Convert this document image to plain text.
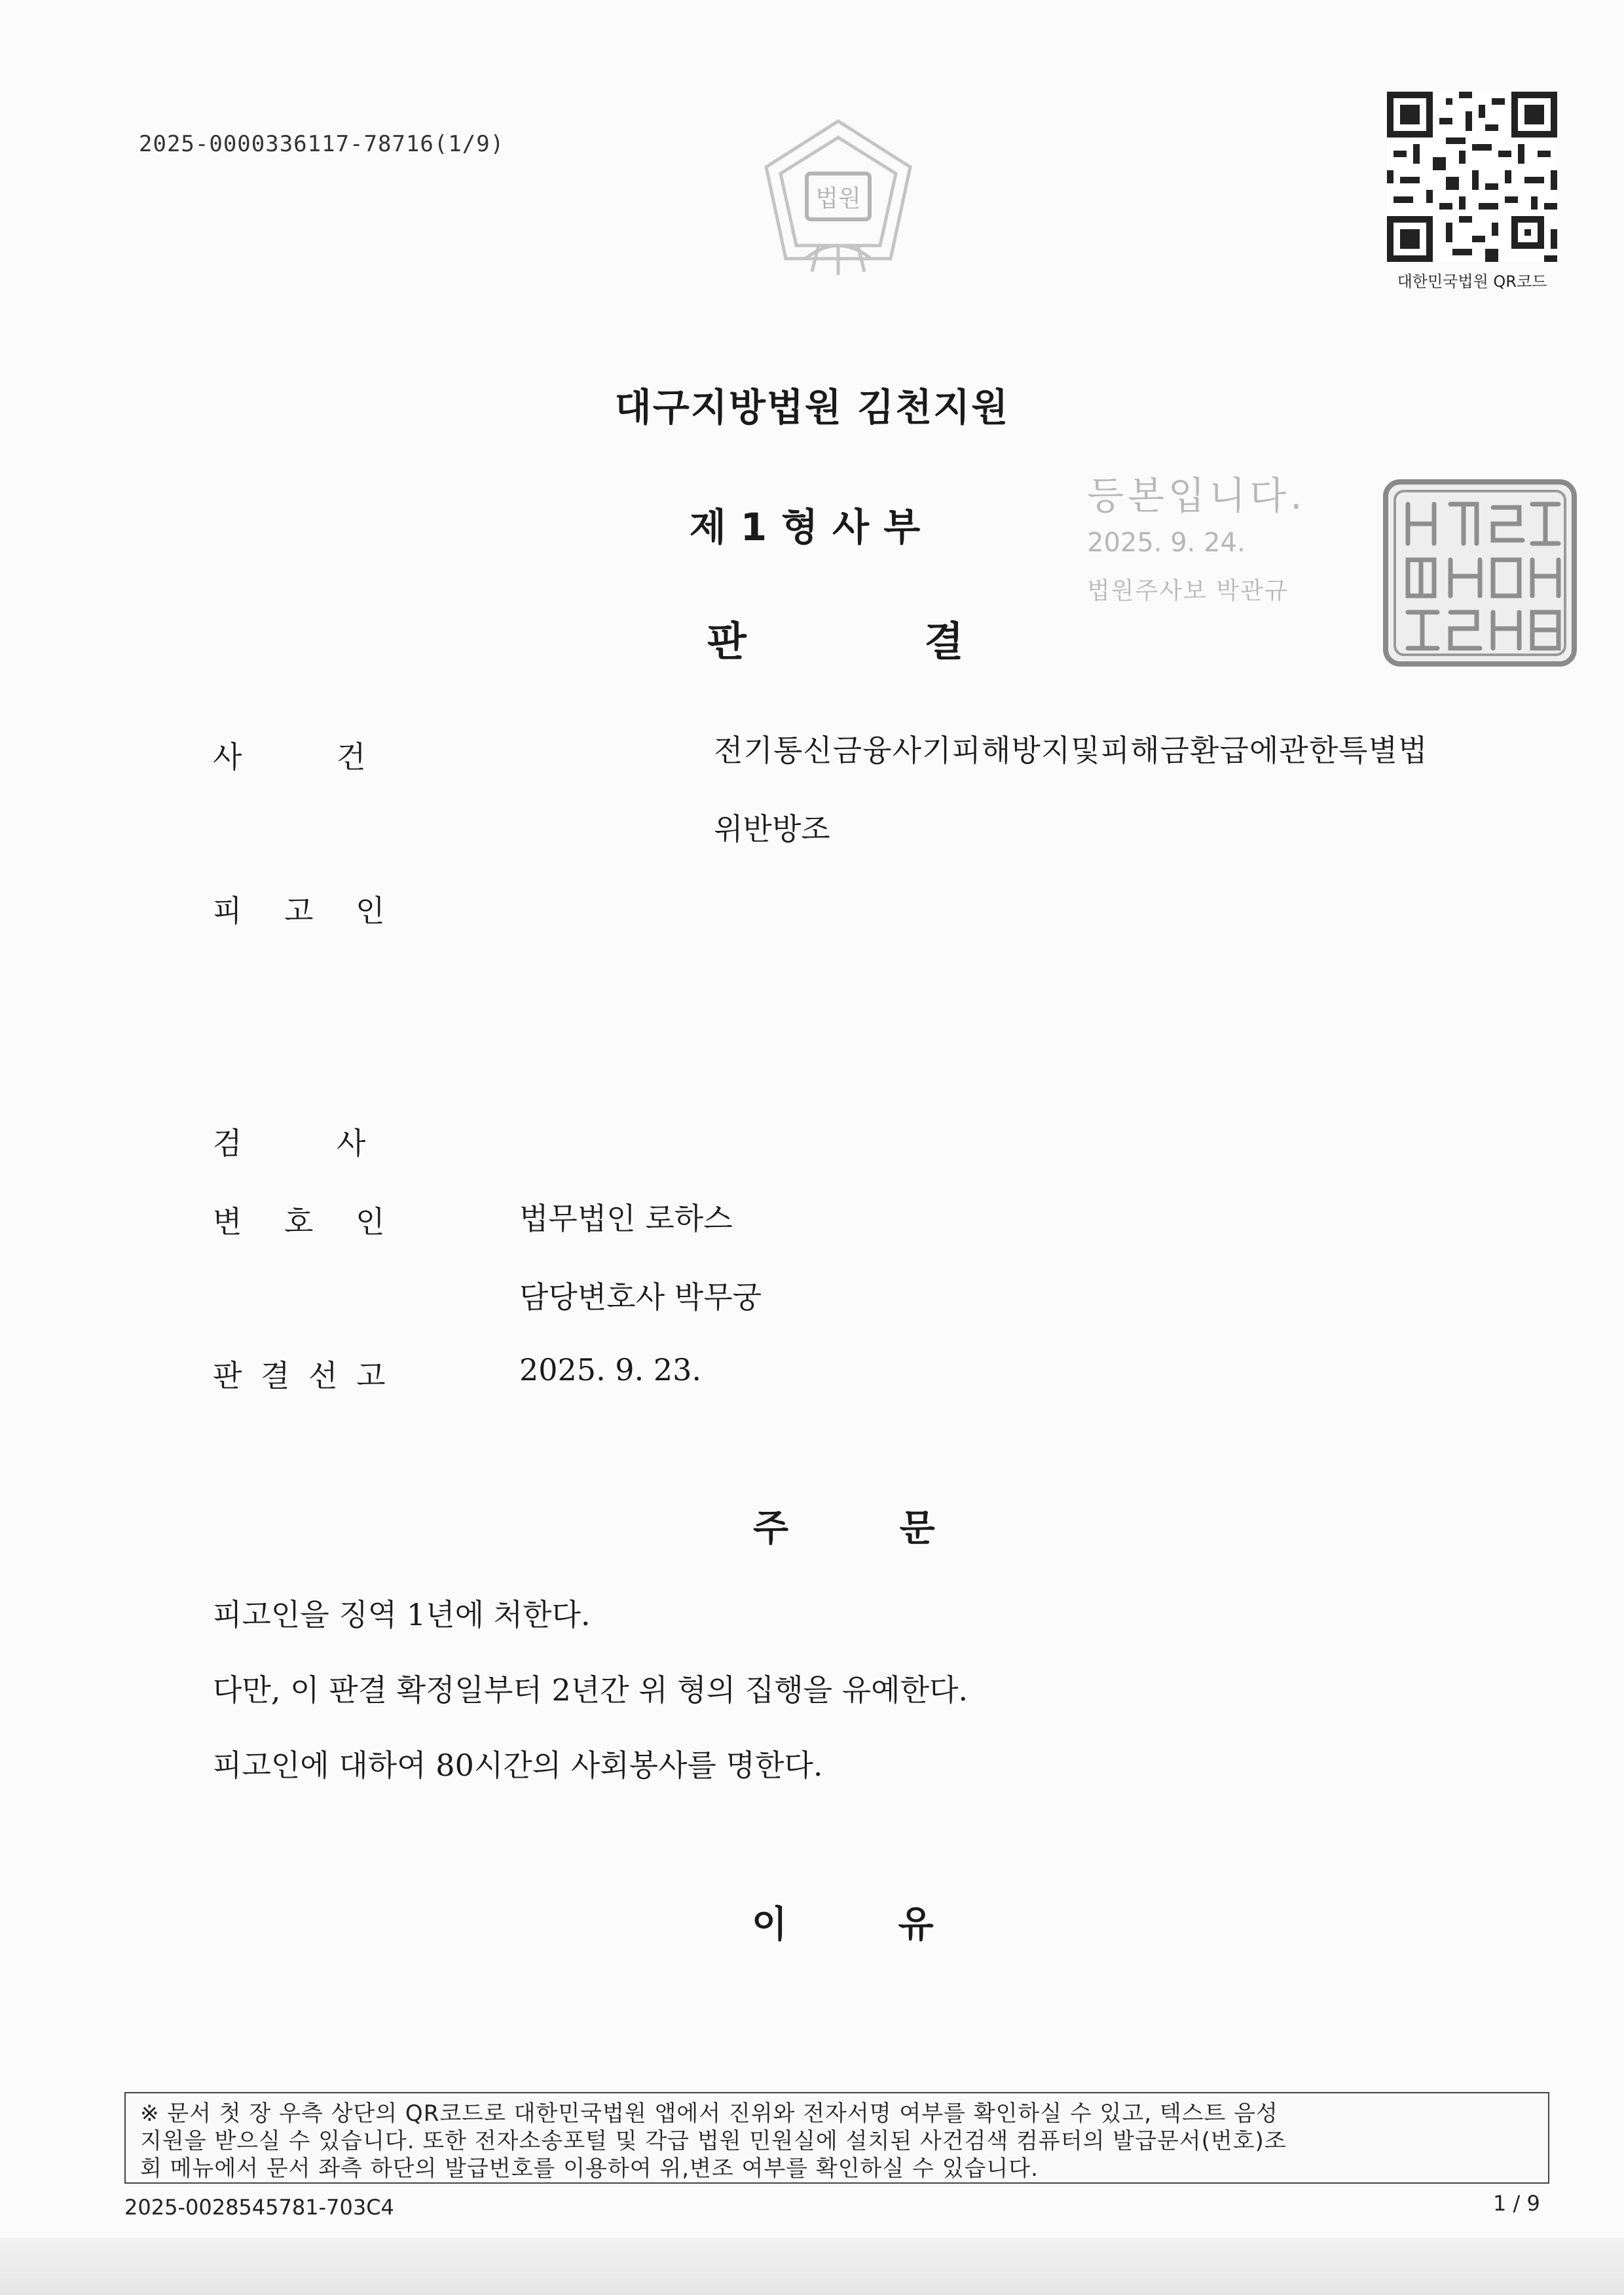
2025-0000336117-78716(1/9)
법원
대한민국법원 QR코드
대구지방법원 김천지원
제1형사부
판 결
등본입니다.
2025. 9. 24.
법원주사보 박관규
사 건	전기통신금융사기피해방지및피해금환급에관한특별법
위반방조
피 고 인
검 사
변 호 인	법무법인 로하스
담당변호사 박무궁
판 결 선 고	2025. 9. 23.
주 문
피고인을 징역 1년에 처한다.
다만, 이 판결 확정일부터 2년간 위 형의 집행을 유예한다.
피고인에 대하여 80시간의 사회봉사를 명한다.
이 유
※ 문서 첫 장 우측 상단의 QR코드로 대한민국법원 앱에서 진위와 전자서명 여부를 확인하실 수 있고, 텍스트 음성
지원을 받으실 수 있습니다. 또한 전자소송포털 및 각급 법원 민원실에 설치된 사건검색 컴퓨터의 발급문서(번호)조
회 메뉴에서 문서 좌측 하단의 발급번호를 이용하여 위,변조 여부를 확인하실 수 있습니다.
2025-0028545781-703C4	1 / 9
